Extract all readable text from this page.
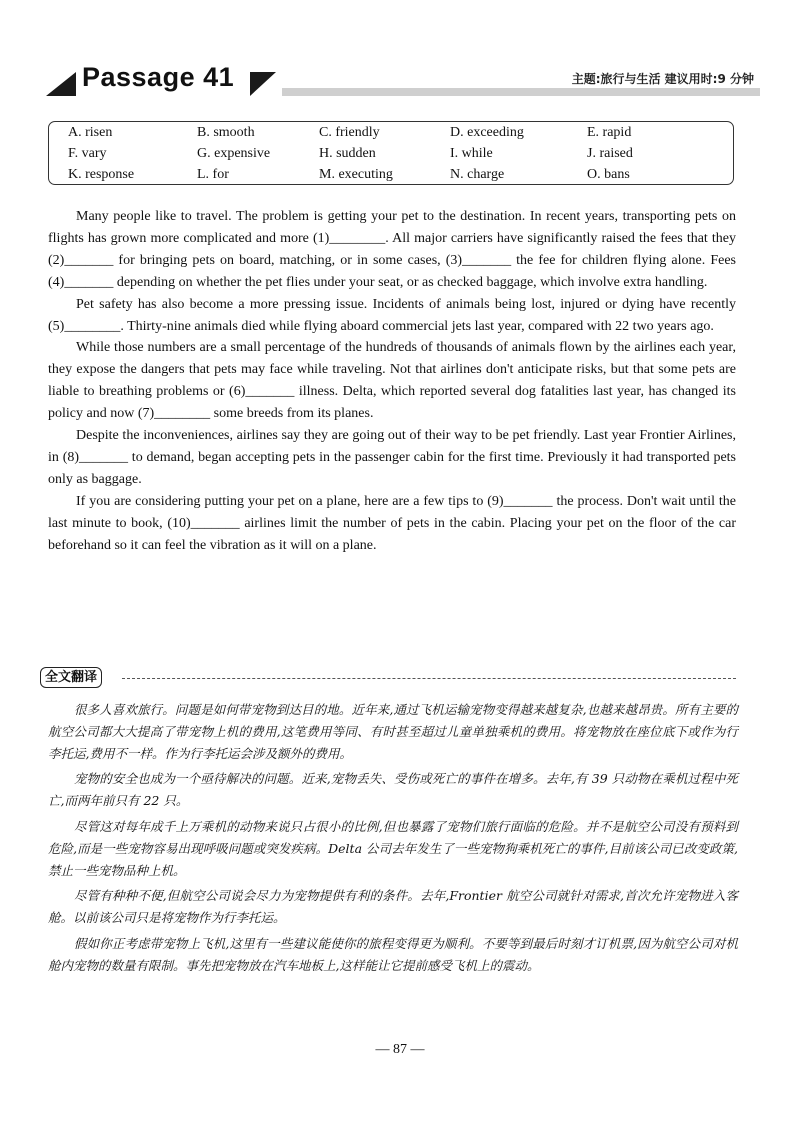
Passage 41	主题:旅行与生活 建议用时:9 分钟
A. risen	B. smooth	C. friendly	D. exceeding	E. rapid
F. vary	G. expensive	H. sudden	I. while	J. raised
K. response	L. for	M. executing	N. charge	O. bans

Many people like to travel. The problem is getting your pet to the destination. In recent years, transporting pets on flights has grown more complicated and more (1)________. All major carriers have significantly raised the fees that they (2)_______ for bringing pets on board, matching, or in some cases, (3)_______ the fee for children flying alone. Fees (4)_______ depending on whether the pet flies under your seat, or as checked baggage, which involve extra handling.

Pet safety has also become a more pressing issue. Incidents of animals being lost, injured or dying have recently (5)________. Thirty-nine animals died while flying aboard commercial jets last year, compared with 22 two years ago.

While those numbers are a small percentage of the hundreds of thousands of animals flown by the airlines each year, they expose the dangers that pets may face while traveling. Not that airlines don't anticipate risks, but that some pets are liable to breathing problems or (6)_______ illness. Delta, which reported several dog fatalities last year, has changed its policy and now (7)________ some breeds from its planes.

Despite the inconveniences, airlines say they are going out of their way to be pet friendly. Last year Frontier Airlines, in (8)_______ to demand, began accepting pets in the passenger cabin for the first time. Previously it had transported pets only as baggage.

If you are considering putting your pet on a plane, here are a few tips to (9)_______ the process. Don't wait until the last minute to book, (10)_______ airlines limit the number of pets in the cabin. Placing your pet on the floor of the car beforehand so it can feel the vibration as it will on a plane.

全文翻译

很多人喜欢旅行。问题是如何带宠物到达目的地。近年来,通过飞机运输宠物变得越来越复杂,也越来越昂贵。所有主要的航空公司都大大提高了带宠物上机的费用,这笔费用等同、有时甚至超过儿童单独乘机的费用。将宠物放在座位底下或作为行李托运,费用不一样。作为行李托运会涉及额外的费用。

宠物的安全也成为一个亟待解决的问题。近来,宠物丢失、受伤或死亡的事件在增多。去年,有 39 只动物在乘机过程中死亡,而两年前只有 22 只。

尽管这对每年成千上万乘机的动物来说只占很小的比例,但也暴露了宠物们旅行面临的危险。并不是航空公司没有预料到危险,而是一些宠物容易出现呼吸问题或突发疾病。Delta 公司去年发生了一些宠物狗乘机死亡的事件,目前该公司已改变政策,禁止一些宠物品种上机。

尽管有种种不便,但航空公司说会尽力为宠物提供有利的条件。去年,Frontier 航空公司就针对需求,首次允许宠物进入客舱。以前该公司只是将宠物作为行李托运。

假如你正考虑带宠物上飞机,这里有一些建议能使你的旅程变得更为顺利。不要等到最后时刻才订机票,因为航空公司对机舱内宠物的数量有限制。事先把宠物放在汽车地板上,这样能让它提前感受飞机上的震动。

— 87 —
